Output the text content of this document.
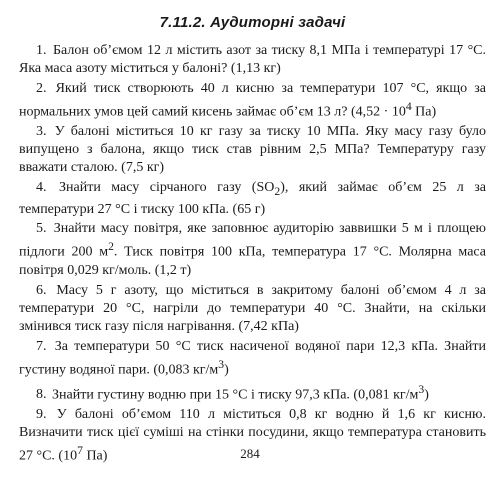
7.11.2. Аудиторні задачі

1. Балон об’ємом 12 л містить азот за тиску 8,1 МПа і температурі 17 °С. Яка маса азоту міститься у балоні? (1,13 кг)

2. Який тиск створюють 40 л кисню за температури 107 °С, якщо за нормальних умов цей самий кисень займає об’єм 13 л? ($4,52 \cdot 10^4$ Па)

3. У балоні міститься 10 кг газу за тиску 10 МПа. Яку масу газу було випущено з балона, якщо тиск став рівним 2,5 МПа? Температуру газу вважати сталою. (7,5 кг)

4. Знайти масу сірчаного газу $(SO_2)$, який займає об’єм 25 л за температури 27 °С і тиску 100 кПа. (65 г)

5. Знайти масу повітря, яке заповнює аудиторію заввишки 5 м і площею підлоги 200 $м^2$. Тиск повітря 100 кПа, температура 17 °С. Молярна маса повітря 0,029 кг/моль. (1,2 т)

6. Масу 5 г азоту, що міститься в закритому балоні об’ємом 4 л за температури 20 °С, нагріли до температури 40 °С. Знайти, на скільки змінився тиск газу після нагрівання. (7,42 кПа)

7. За температури 50 °С тиск насиченої водяної пари 12,3 кПа. Знайти густину водяної пари. (0,083 $кг/м^3$)

8. Знайти густину водню при 15 °С і тиску 97,3 кПа. (0,081 $кг/м^3$)

9. У балоні об’ємом 110 л міститься 0,8 кг водню й 1,6 кг кисню. Визначити тиск цієї суміші на стінки посудини, якщо температура становить 27 °С. ($10^7$ Па)	284
